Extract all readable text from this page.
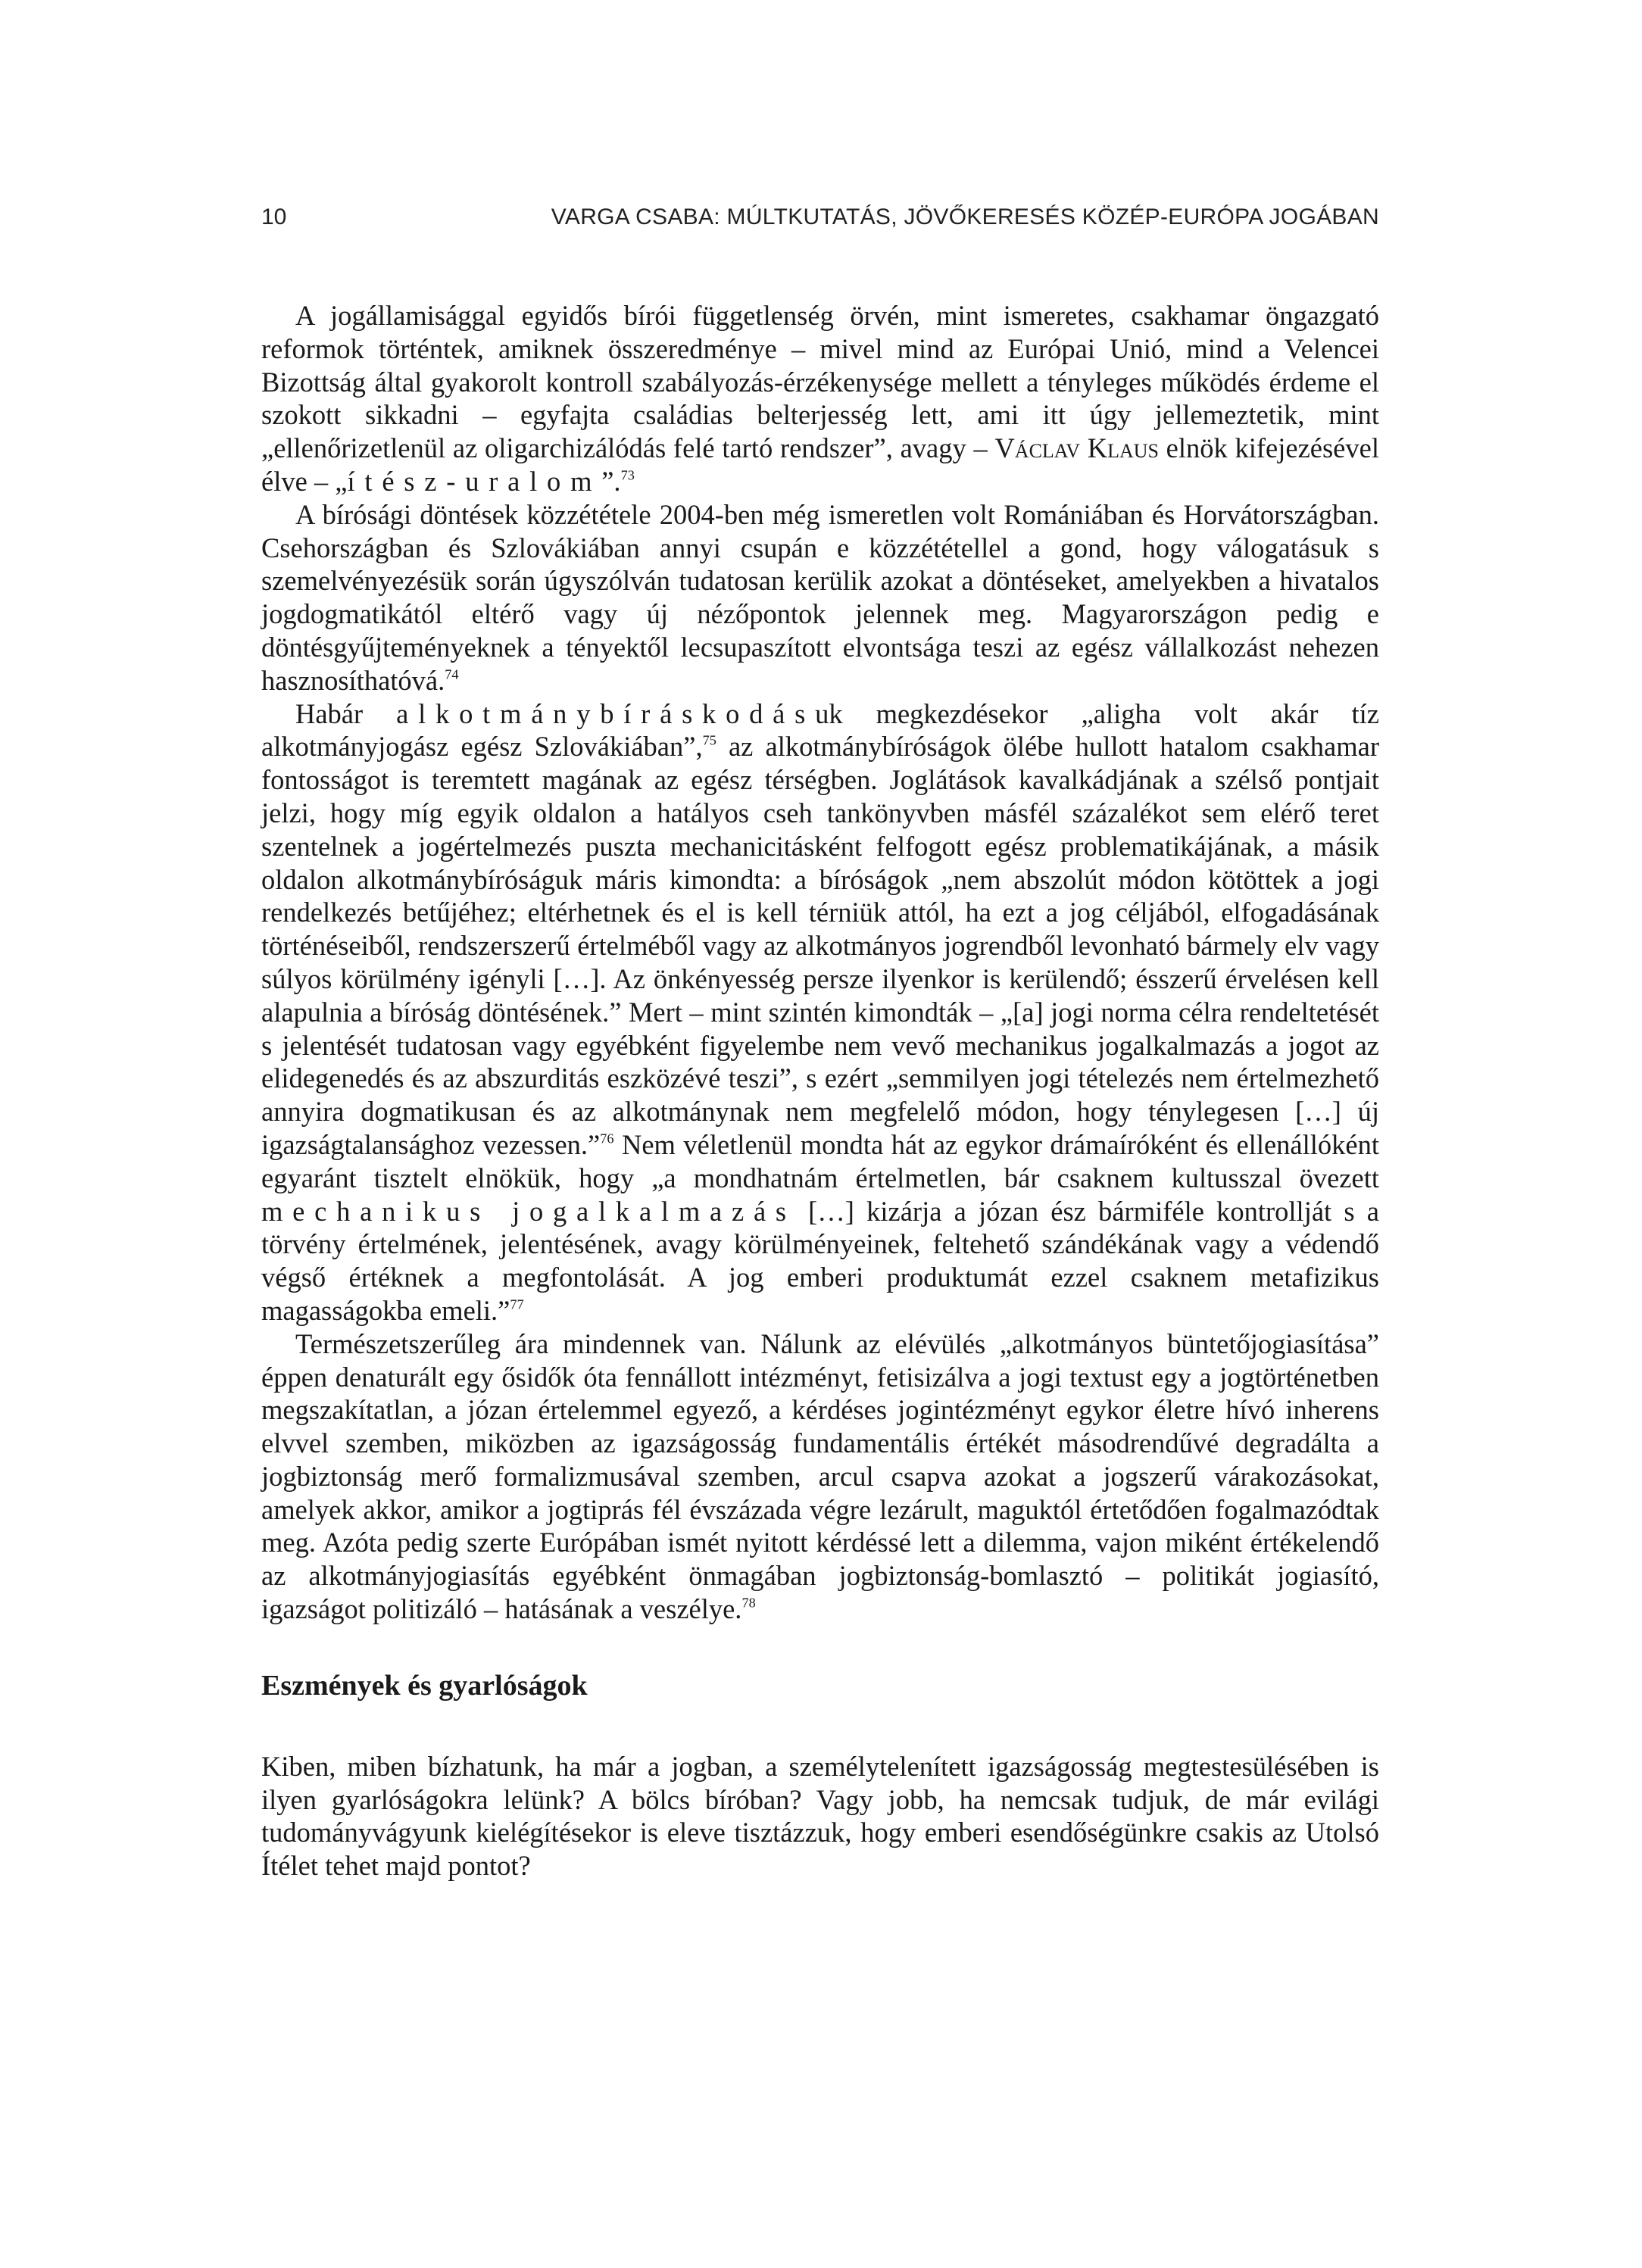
10	VARGA CSABA: MÚLTKUTATÁS, JÖVŐKERESÉS KÖZÉP-EURÓPA JOGÁBAN

A jogállamisággal egyidős bírói függetlenség örvén, mint ismeretes, csakhamar öngazgató reformok történtek, amiknek összeredménye – mivel mind az Európai Unió, mind a Velencei Bizottság által gyakorolt kontroll szabályozás-érzékenysége mellett a tényleges működés érdeme el szokott sikkadni – egyfajta családias belterjesség lett, ami itt úgy jellemeztetik, mint „ellenőrizetlenül az oligarchizálódás felé tartó rendszer”, avagy – Václav Klaus elnök kifejezésével élve – „ítész-uralom”.$^{73}$

A bírósági döntések közzététele 2004-ben még ismeretlen volt Romániában és Horvátországban. Csehországban és Szlovákiában annyi csupán e közzététellel a gond, hogy válogatásuk s szemelvényezésük során úgyszólván tudatosan kerülik azokat a döntéseket, amelyekben a hivatalos jogdogmatikától eltérő vagy új nézőpontok jelennek meg. Magyarországon pedig e döntésgyűjteményeknek a tényektől lecsupaszított elvontsága teszi az egész vállalkozást nehezen hasznosíthatóvá.$^{74}$

Habár alkotmánybíráskodásuk megkezdésekor „aligha volt akár tíz alkotmányjogász egész Szlovákiában”,$^{75}$ az alkotmánybíróságok ölébe hullott hatalom csakhamar fontosságot is teremtett magának az egész térségben. Joglátások kavalkádjának a szélső pontjait jelzi, hogy míg egyik oldalon a hatályos cseh tankönyvben másfél százalékot sem elérő teret szentelnek a jogértelmezés puszta mechanicitásként felfogott egész problematikájának, a másik oldalon alkotmánybíróságuk máris kimondta: a bíróságok „nem abszolút módon kötöttek a jogi rendelkezés betűjéhez; eltérhetnek és el is kell térniük attól, ha ezt a jog céljából, elfogadásának történéseiből, rendszerszerű értelméből vagy az alkotmányos jogrendből levonható bármely elv vagy súlyos körülmény igényli […]. Az önkényesség persze ilyenkor is kerülendő; ésszerű érvelésen kell alapulnia a bíróság döntésének.” Mert – mint szintén kimondták – „[a] jogi norma célra rendeltetését s jelentését tudatosan vagy egyébként figyelembe nem vevő mechanikus jogalkalmazás a jogot az elidegenedés és az abszurditás eszközévé teszi”, s ezért „semmilyen jogi tételezés nem értelmezhető annyira dogmatikusan és az alkotmánynak nem megfelelő módon, hogy ténylegesen […] új igazságtalansághoz vezessen.”$^{76}$ Nem véletlenül mondta hát az egykor drámaíróként és ellenállóként egyaránt tisztelt elnökük, hogy „a mondhatnám értelmetlen, bár csaknem kultusszal övezett mechanikus jogalkalmazás […] kizárja a józan ész bármiféle kontrollját s a törvény értelmének, jelentésének, avagy körülményeinek, feltehető szándékának vagy a védendő végső értéknek a megfontolását. A jog emberi produktumát ezzel csaknem metafizikus magasságokba emeli.”$^{77}$

Természetszerűleg ára mindennek van. Nálunk az elévülés „alkotmányos büntetőjogiasítása” éppen denaturált egy ősidők óta fennállott intézményt, fetisizálva a jogi textust egy a jogtörténetben megszakítatlan, a józan értelemmel egyező, a kérdéses jogintézményt egykor életre hívó inherens elvvel szemben, miközben az igazságosság fundamentális értékét másodrendűvé degradálta a jogbiztonság merő formalizmusával szemben, arcul csapva azokat a jogszerű várakozásokat, amelyek akkor, amikor a jogtiprás fél évszázada végre lezárult, maguktól értetődően fogalmazódtak meg. Azóta pedig szerte Európában ismét nyitott kérdéssé lett a dilemma, vajon miként értékelendő az alkotmányjogiasítás egyébként önmagában jogbiztonság-bomlasztó – politikát jogiasító, igazságot politizáló – hatásának a veszélye.$^{78}$

Eszmények és gyarlóságok

Kiben, miben bízhatunk, ha már a jogban, a személytelenített igazságosság megtestesülésében is ilyen gyarlóságokra lelünk? A bölcs bíróban? Vagy jobb, ha nemcsak tudjuk, de már evilági tudományvágyunk kielégítésekor is eleve tisztázzuk, hogy emberi esendőségünkre csakis az Utolsó Ítélet tehet majd pontot?
